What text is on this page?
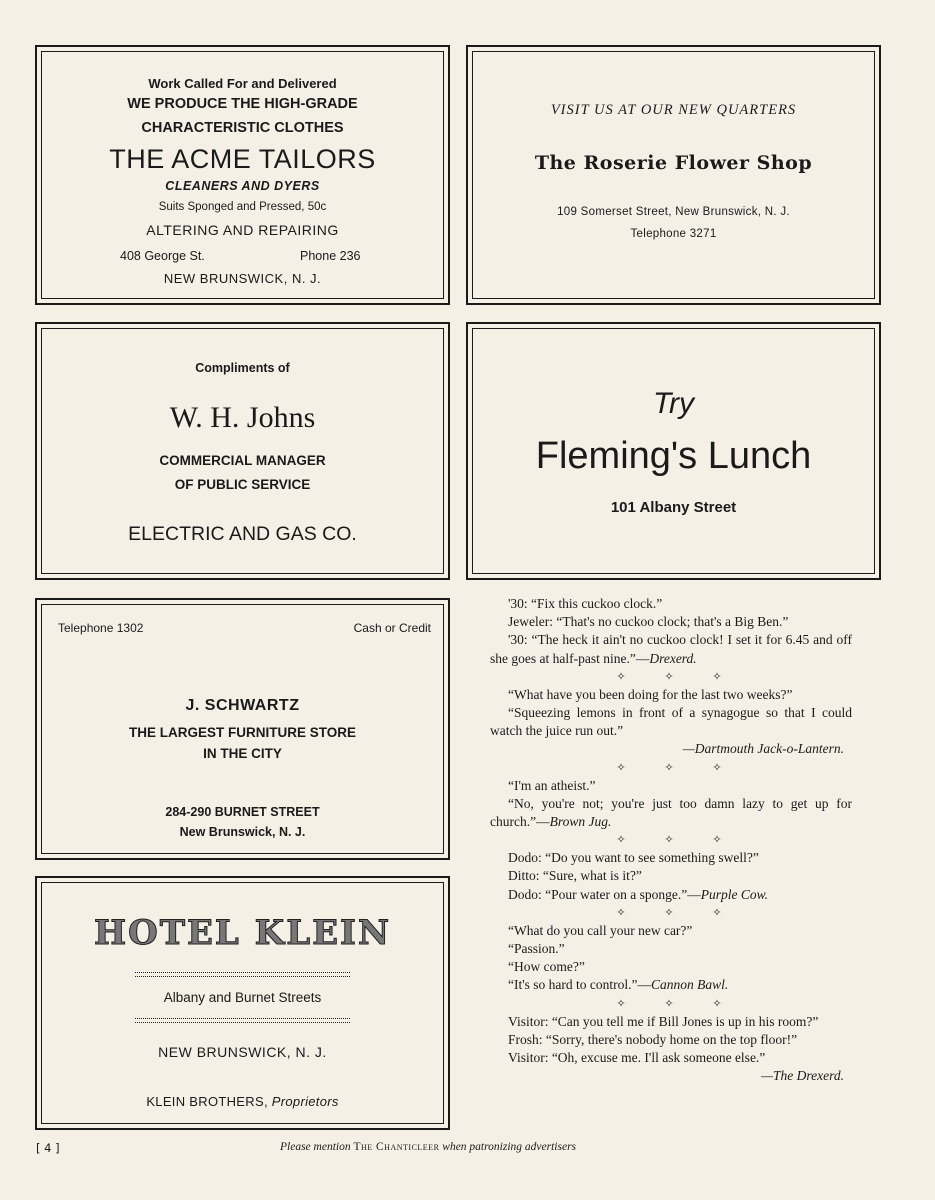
Work Called For and Delivered
WE PRODUCE THE HIGH-GRADE
CHARACTERISTIC CLOTHES
THE ACME TAILORS
CLEANERS AND DYERS
Suits Sponged and Pressed, 50c
ALTERING AND REPAIRING
408 George St.	Phone 236
NEW BRUNSWICK, N. J.
VISIT US AT OUR NEW QUARTERS
The Roserie Flower Shop
109 Somerset Street, New Brunswick, N. J.
Telephone 3271
Compliments of
W. H. Johns
COMMERCIAL MANAGER
OF PUBLIC SERVICE
ELECTRIC AND GAS CO.
Try
Fleming's Lunch
101 Albany Street
Telephone 1302	Cash or Credit
J. SCHWARTZ
THE LARGEST FURNITURE STORE
IN THE CITY
284-290 BURNET STREET
New Brunswick, N. J.
HOTEL KLEIN
Albany and Burnet Streets
NEW BRUNSWICK, N. J.
KLEIN BROTHERS, Proprietors

'30: “Fix this cuckoo clock.”

Jeweler: “That's no cuckoo clock; that's a Big Ben.”

'30: “The heck it ain't no cuckoo clock! I set it for 6.45 and off she goes at half-past nine.”—Drexerd.

✧ ✧ ✧

“What have you been doing for the last two weeks?”

“Squeezing lemons in front of a synagogue so that I could watch the juice run out.”

—Dartmouth Jack-o-Lantern.

✧ ✧ ✧

“I'm an atheist.”

“No, you're not; you're just too damn lazy to get up for church.”—Brown Jug.

✧ ✧ ✧

Dodo: “Do you want to see something swell?”

Ditto: “Sure, what is it?”

Dodo: “Pour water on a sponge.”—Purple Cow.

✧ ✧ ✧

“What do you call your new car?”

“Passion.”

“How come?”

“It's so hard to control.”—Cannon Bawl.

✧ ✧ ✧

Visitor: “Can you tell me if Bill Jones is up in his room?”

Frosh: “Sorry, there's nobody home on the top floor!”

Visitor: “Oh, excuse me. I'll ask someone else.”

—The Drexerd.

[ 4 ]	Please mention The Chanticleer when patronizing advertisers
